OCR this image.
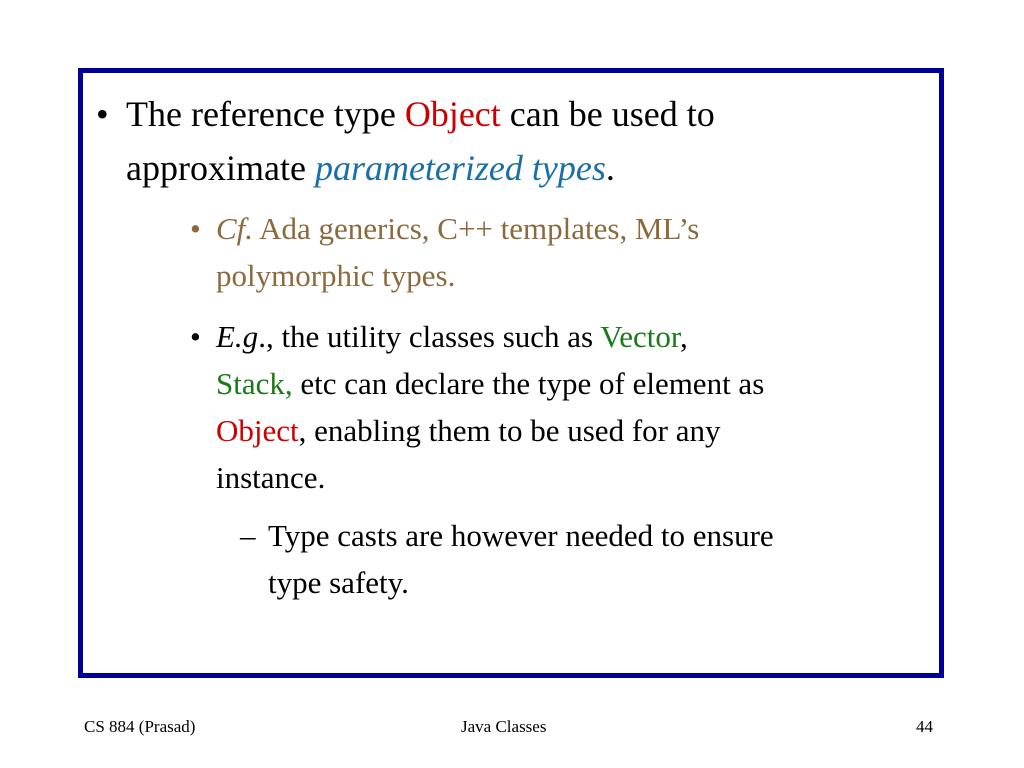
• The reference type Object can be used to
approximate parameterized types.
• Cf. Ada generics, C++ templates, ML’s
polymorphic types.
• E.g., the utility classes such as Vector,
Stack, etc can declare the type of element as
Object, enabling them to be used for any
instance.
– Type casts are however needed to ensure
type safety.
CS 884 (Prasad)	Java Classes	44
